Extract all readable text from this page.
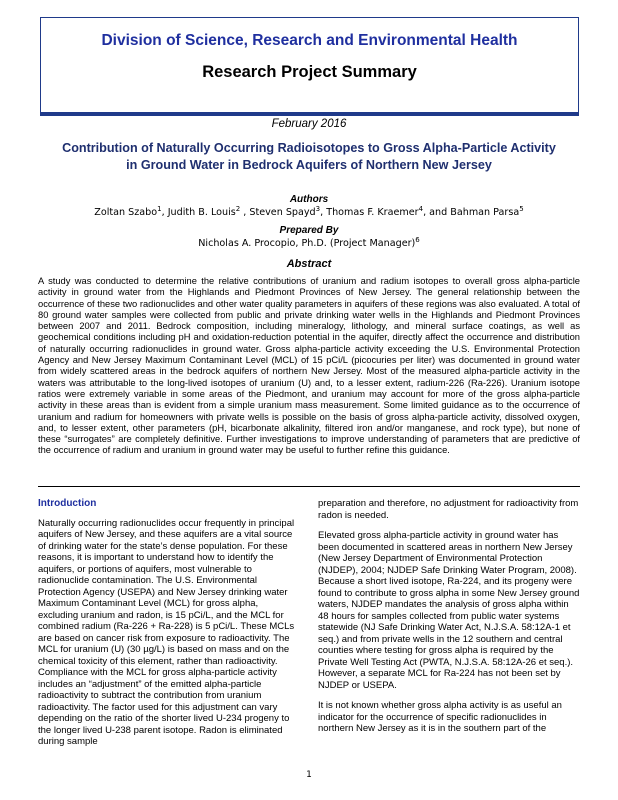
Division of Science, Research and Environmental Health
Research Project Summary
February 2016
Contribution of Naturally Occurring Radioisotopes to Gross Alpha-Particle Activity in Ground Water in Bedrock Aquifers of Northern New Jersey
Authors
Zoltan Szabo$^1$, Judith B. Louis$^2$ , Steven Spayd$^3$, Thomas F. Kraemer$^4$, and Bahman Parsa$^5$
Prepared By
Nicholas A. Procopio, Ph.D. (Project Manager)$^6$
Abstract
A study was conducted to determine the relative contributions of uranium and radium isotopes to overall gross alpha-particle activity in ground water from the Highlands and Piedmont Provinces of New Jersey. The general relationship between the occurrence of these two radionuclides and other water quality parameters in aquifers of these regions was also evaluated. A total of 80 ground water samples were collected from public and private drinking water wells in the Highlands and Piedmont Provinces between 2007 and 2011. Bedrock composition, including mineralogy, lithology, and mineral surface coatings, as well as geochemical conditions including pH and oxidation-reduction potential in the aquifer, directly affect the occurrence and distribution of naturally occurring radionuclides in ground water. Gross alpha-particle activity exceeding the U.S. Environmental Protection Agency and New Jersey Maximum Contaminant Level (MCL) of 15 pCi/L (picocuries per liter) was documented in ground water from widely scattered areas in the bedrock aquifers of northern New Jersey. Most of the measured alpha-particle activity in the waters was attributable to the long-lived isotopes of uranium (U) and, to a lesser extent, radium-226 (Ra-226). Uranium isotope ratios were extremely variable in some areas of the Piedmont, and uranium may account for more of the gross alpha-particle activity in these areas than is evident from a simple uranium mass measurement. Some limited guidance as to the occurrence of uranium and radium for homeowners with private wells is possible on the basis of gross alpha-particle activity, dissolved oxygen, and, to lesser extent, other parameters (pH, bicarbonate alkalinity, filtered iron and/or manganese, and rock type), but none of these “surrogates” are completely definitive. Further investigations to improve understanding of parameters that are predictive of the occurrence of radium and uranium in ground water may be useful to further refine this guidance.
Introduction

Naturally occurring radionuclides occur frequently in principal aquifers of New Jersey, and these aquifers are a vital source of drinking water for the state’s dense population. For these reasons, it is important to understand how to identify the aquifers, or portions of aquifers, most vulnerable to radionuclide contamination. The U.S. Environmental Protection Agency (USEPA) and New Jersey drinking water Maximum Contaminant Level (MCL) for gross alpha, excluding uranium and radon, is 15 pCi/L, and the MCL for combined radium (Ra-226 + Ra-228) is 5 pCi/L. These MCLs are based on cancer risk from exposure to radioactivity. The MCL for uranium (U) (30 µg/L) is based on mass and on the chemical toxicity of this element, rather than radioactivity. Compliance with the MCL for gross alpha-particle activity includes an “adjustment” of the emitted alpha-particle radioactivity to subtract the contribution from uranium radioactivity. The factor used for this adjustment can vary depending on the ratio of the shorter lived U-234 progeny to the longer lived U-238 parent isotope. Radon is eliminated during sample

preparation and therefore, no adjustment for radioactivity from radon is needed.

Elevated gross alpha-particle activity in ground water has been documented in scattered areas in northern New Jersey (New Jersey Department of Environmental Protection (NJDEP), 2004; NJDEP Safe Drinking Water Program, 2008). Because a short lived isotope, Ra-224, and its progeny were found to contribute to gross alpha in some New Jersey ground waters, NJDEP mandates the analysis of gross alpha within 48 hours for samples collected from public water systems statewide (NJ Safe Drinking Water Act, N.J.S.A. 58:12A-1 et seq.) and from private wells in the 12 southern and central counties where testing for gross alpha is required by the Private Well Testing Act (PWTA, N.J.S.A. 58:12A-26 et seq.). However, a separate MCL for Ra-224 has not been set by NJDEP or USEPA.

It is not known whether gross alpha activity is as useful an indicator for the occurrence of specific radionuclides in northern New Jersey as it is in the southern part of the

1
